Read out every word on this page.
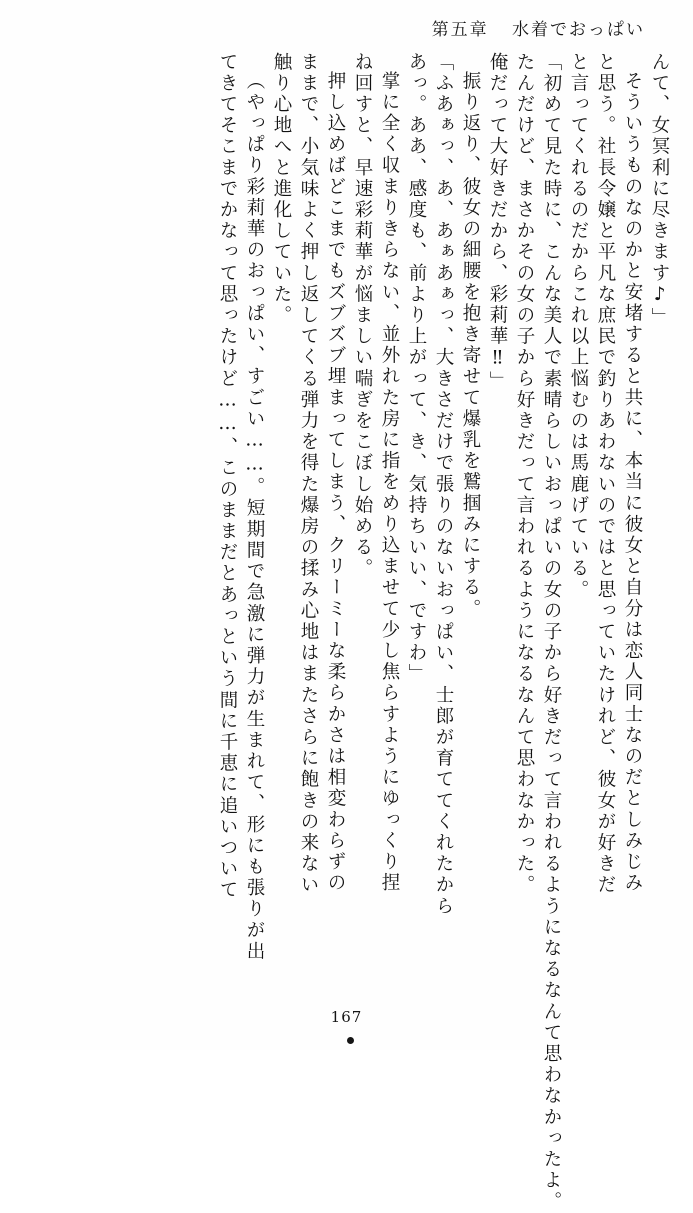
第五章 水着でおっぱい
んて、女冥利に尽きます♪」
そういうものなのかと安堵すると共に、本当に彼女と自分は恋人同士なのだとしみじみ
と思う。社長令嬢と平凡な庶民で釣りあわないのではと思っていたけれど、彼女が好きだ
と言ってくれるのだからこれ以上悩むのは馬鹿げている。
「初めて見た時に、こんな美人で素晴らしいおっぱいの女の子から好きだって言われるようになるなんて思わなかったよ。
たんだけど、まさかその女の子から好きだって言われるようになるなんて思わなかった。
俺だって大好きだから、彩莉華‼」
振り返り、彼女の細腰を抱き寄せて爆乳を鷲掴みにする。
「ふあぁっ、あ、あぁあぁっ、大きさだけで張りのないおっぱい、士郎が育ててくれたから
あっ。ああ、感度も、前より上がって、き、気持ちいい、ですわ」
掌に全く収まりきらない、並外れた房に指をめり込ませて少し焦らすようにゆっくり捏
ね回すと、早速彩莉華が悩ましい喘ぎをこぼし始める。
押し込めばどこまでもズブズブ埋まってしまう、クリーミーな柔らかさは相変わらずの
ままで、小気味よく押し返してくる弾力を得た爆房の揉み心地はまたさらに飽きの来ない
触り心地へと進化していた。
（やっぱり彩莉華のおっぱい、すごい……。短期間で急激に弾力が生まれて、形にも張りが出
てきてそこまでかなって思ったけど……、このままだとあっという間に千恵に追いついて
167
